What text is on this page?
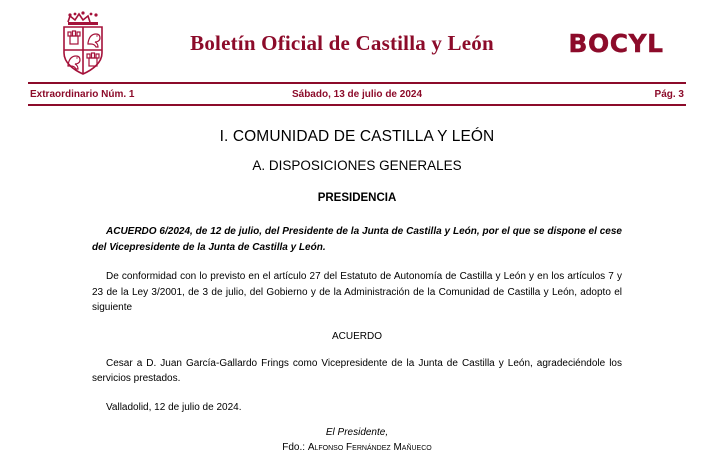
Boletín Oficial de Castilla y León	BOCYL
Extraordinario Núm. 1	Sábado, 13 de julio de 2024	Pág. 3
I. COMUNIDAD DE CASTILLA Y LEÓN
A. DISPOSICIONES GENERALES
PRESIDENCIA
ACUERDO 6/2024, de 12 de julio, del Presidente de la Junta de Castilla y León, por el que se dispone el cese del Vicepresidente de la Junta de Castilla y León.
De conformidad con lo previsto en el artículo 27 del Estatuto de Autonomía de Castilla y León y en los artículos 7 y 23 de la Ley 3/2001, de 3 de julio, del Gobierno y de la Administración de la Comunidad de Castilla y León, adopto el siguiente
ACUERDO
Cesar a D. Juan García-Gallardo Frings como Vicepresidente de la Junta de Castilla y León, agradeciéndole los servicios prestados.
Valladolid, 12 de julio de 2024.
El Presidente,
Fdo.: Alfonso Fernández Mañueco
